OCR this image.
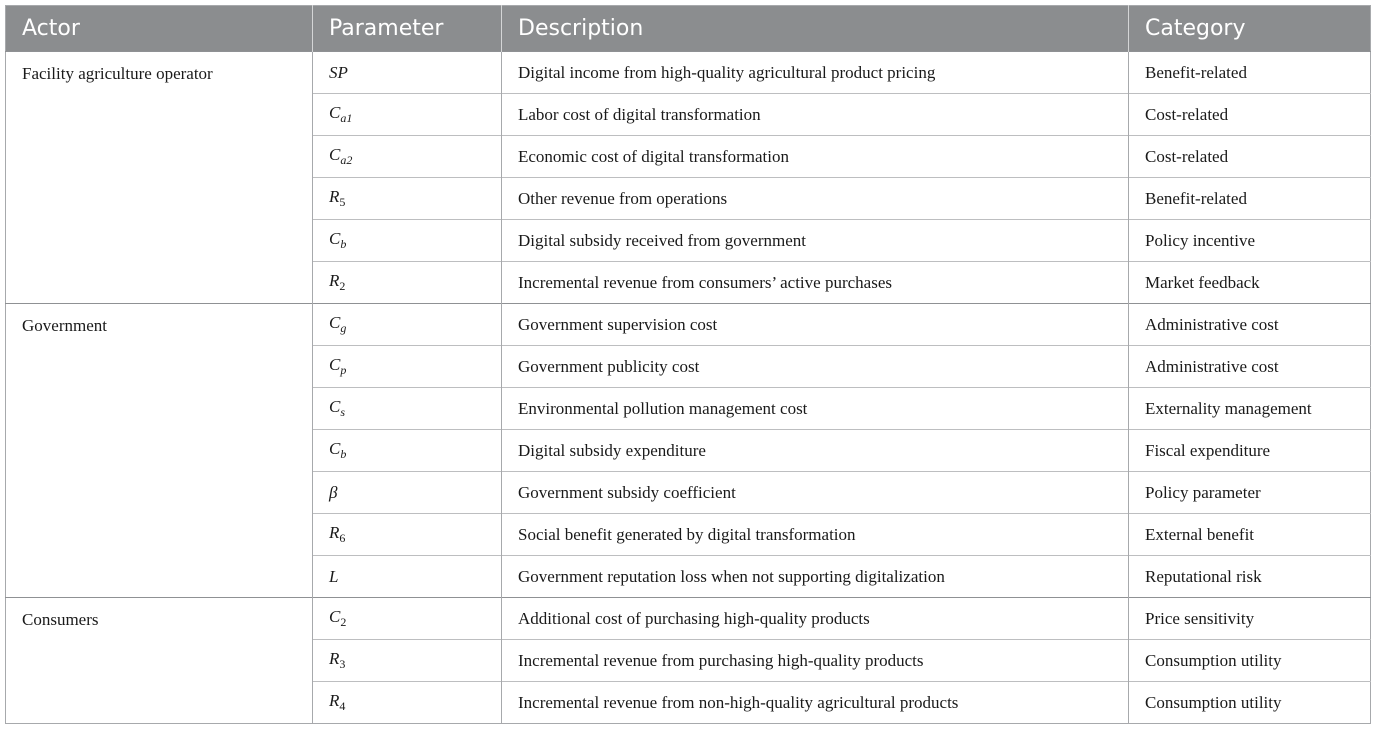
Actor	Parameter	Description	Category
Facility agriculture operator	SP	Digital income from high-quality agricultural product pricing	Benefit-related
	$C_{a1}$	Labor cost of digital transformation	Cost-related
	$C_{a2}$	Economic cost of digital transformation	Cost-related
	$R_5$	Other revenue from operations	Benefit-related
	$C_b$	Digital subsidy received from government	Policy incentive
	$R_2$	Incremental revenue from consumers’ active purchases	Market feedback
Government	$C_g$	Government supervision cost	Administrative cost
	$C_p$	Government publicity cost	Administrative cost
	$C_s$	Environmental pollution management cost	Externality management
	$C_b$	Digital subsidy expenditure	Fiscal expenditure
	β	Government subsidy coefficient	Policy parameter
	$R_6$	Social benefit generated by digital transformation	External benefit
	L	Government reputation loss when not supporting digitalization	Reputational risk
Consumers	$C_2$	Additional cost of purchasing high-quality products	Price sensitivity
	$R_3$	Incremental revenue from purchasing high-quality products	Consumption utility
	$R_4$	Incremental revenue from non-high-quality agricultural products	Consumption utility
